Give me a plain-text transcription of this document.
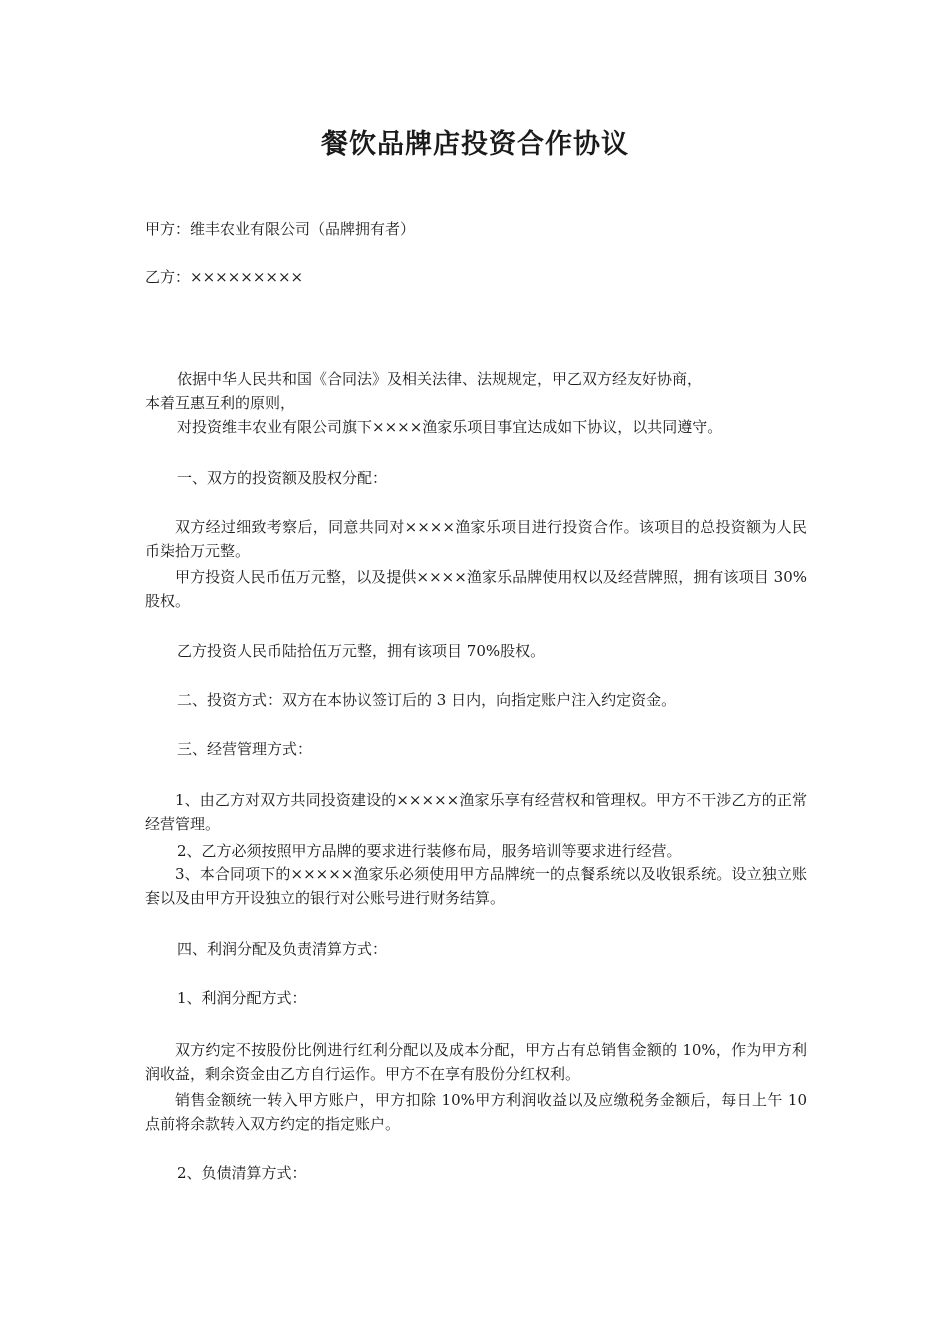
餐饮品牌店投资合作协议

甲方：维丰农业有限公司（品牌拥有者）

乙方：×××××××××

依据中华人民共和国《合同法》及相关法律、法规规定，甲乙双方经友好协商，

本着互惠互利的原则，

对投资维丰农业有限公司旗下××××渔家乐项目事宜达成如下协议，以共同遵守。

一、双方的投资额及股权分配：

双方经过细致考察后，同意共同对××××渔家乐项目进行投资合作。该项目的总投资额为人民币柒拾万元整。

甲方投资人民币伍万元整，以及提供××××渔家乐品牌使用权以及经营牌照，拥有该项目 30%股权。

乙方投资人民币陆拾伍万元整，拥有该项目 70%股权。

二、投资方式：双方在本协议签订后的 3 日内，向指定账户注入约定资金。

三、经营管理方式：

1、由乙方对双方共同投资建设的×××××渔家乐享有经营权和管理权。甲方不干涉乙方的正常经营管理。

2、乙方必须按照甲方品牌的要求进行装修布局，服务培训等要求进行经营。

3、本合同项下的×××××渔家乐必须使用甲方品牌统一的点餐系统以及收银系统。设立独立账套以及由甲方开设独立的银行对公账号进行财务结算。

四、利润分配及负责清算方式：

1、利润分配方式：

双方约定不按股份比例进行红利分配以及成本分配，甲方占有总销售金额的 10%，作为甲方利润收益，剩余资金由乙方自行运作。甲方不在享有股份分红权利。

销售金额统一转入甲方账户，甲方扣除 10%甲方利润收益以及应缴税务金额后，每日上午 10 点前将余款转入双方约定的指定账户。

2、负债清算方式：
